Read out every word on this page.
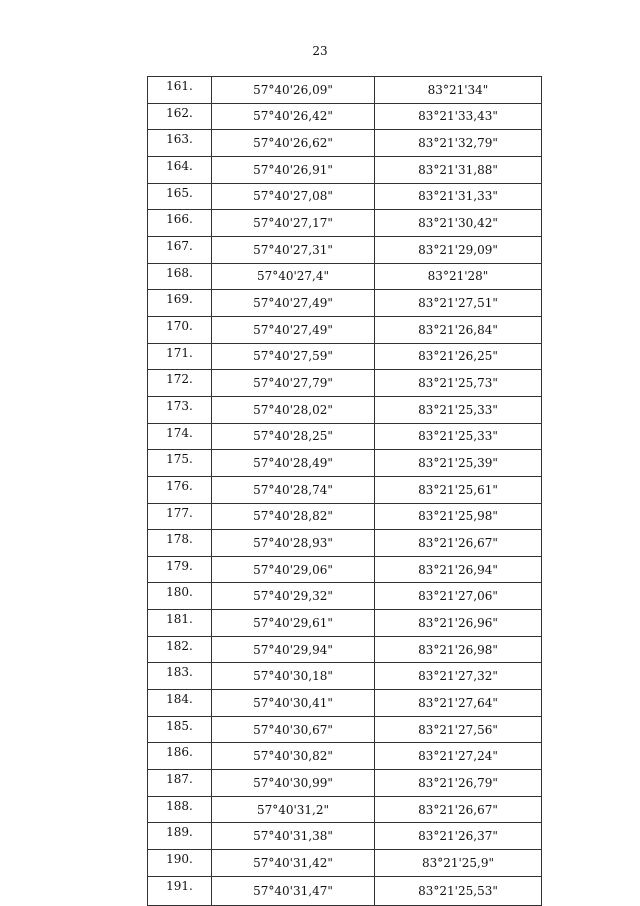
23
161.	57°40'26,09"	83°21'34"
162.	57°40'26,42"	83°21'33,43"
163.	57°40'26,62"	83°21'32,79"
164.	57°40'26,91"	83°21'31,88"
165.	57°40'27,08"	83°21'31,33"
166.	57°40'27,17"	83°21'30,42"
167.	57°40'27,31"	83°21'29,09"
168.	57°40'27,4"	83°21'28"
169.	57°40'27,49"	83°21'27,51"
170.	57°40'27,49"	83°21'26,84"
171.	57°40'27,59"	83°21'26,25"
172.	57°40'27,79"	83°21'25,73"
173.	57°40'28,02"	83°21'25,33"
174.	57°40'28,25"	83°21'25,33"
175.	57°40'28,49"	83°21'25,39"
176.	57°40'28,74"	83°21'25,61"
177.	57°40'28,82"	83°21'25,98"
178.	57°40'28,93"	83°21'26,67"
179.	57°40'29,06"	83°21'26,94"
180.	57°40'29,32"	83°21'27,06"
181.	57°40'29,61"	83°21'26,96"
182.	57°40'29,94"	83°21'26,98"
183.	57°40'30,18"	83°21'27,32"
184.	57°40'30,41"	83°21'27,64"
185.	57°40'30,67"	83°21'27,56"
186.	57°40'30,82"	83°21'27,24"
187.	57°40'30,99"	83°21'26,79"
188.	57°40'31,2"	83°21'26,67"
189.	57°40'31,38"	83°21'26,37"
190.	57°40'31,42"	83°21'25,9"
191.	57°40'31,47"	83°21'25,53"
